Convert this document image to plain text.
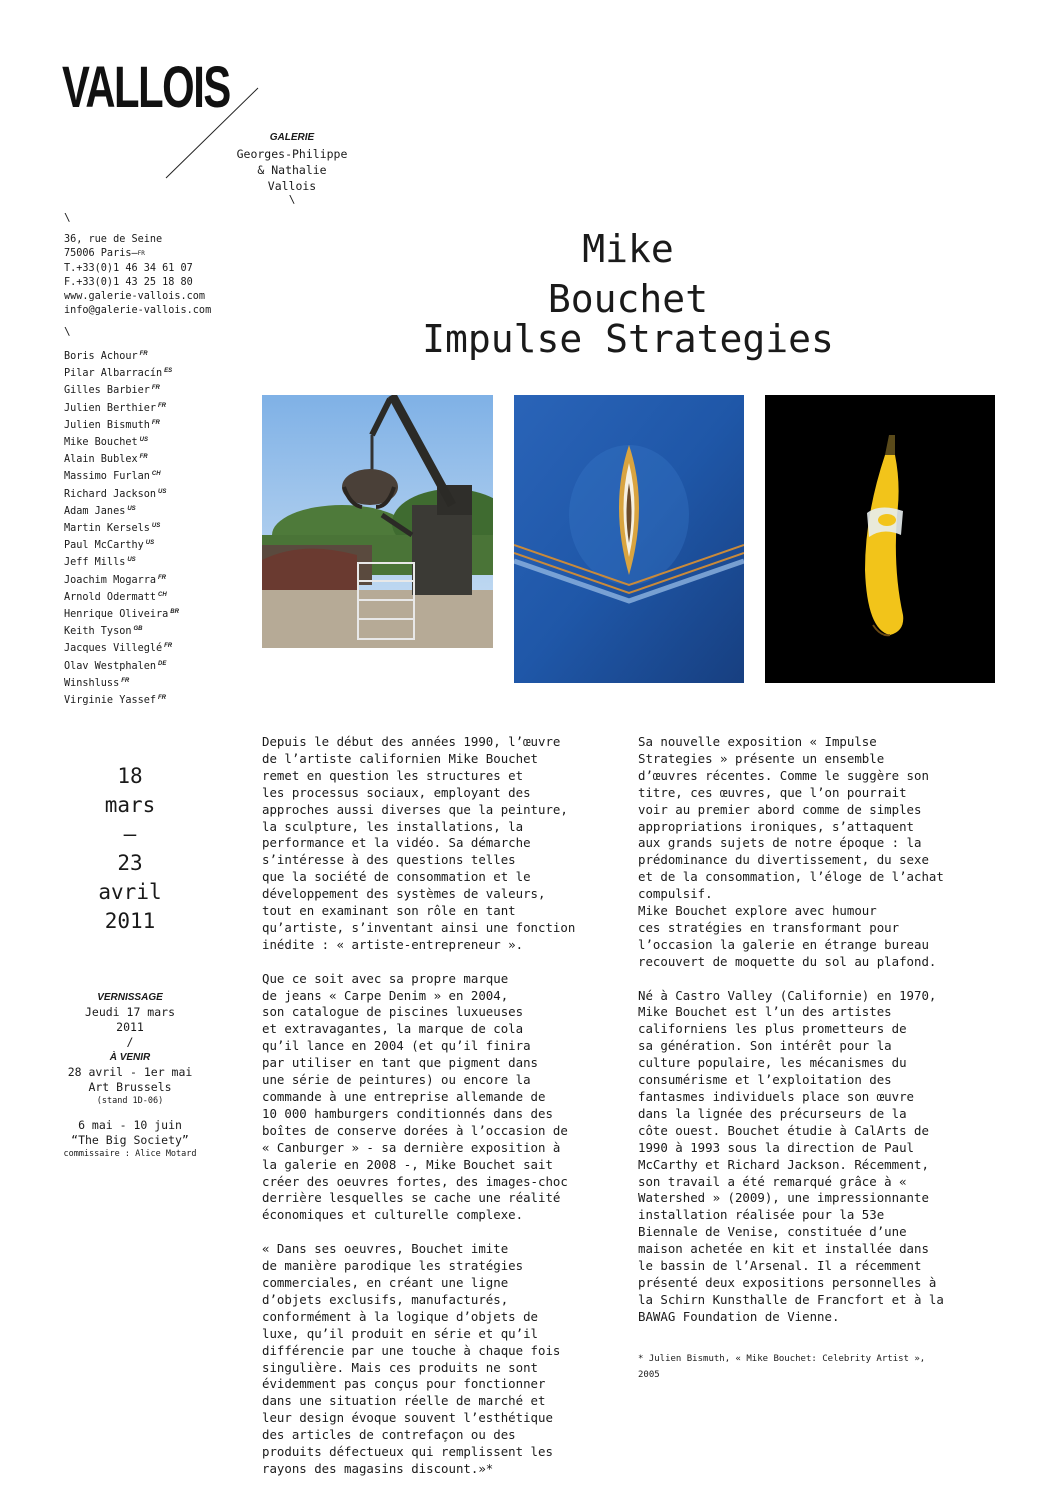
VALLOIS
GALERIE
Georges-Philippe
& Nathalie
Vallois
\
\
36, rue de Seine
75006 Paris—FR
T.+33(0)1 46 34 61 07
F.+33(0)1 43 25 18 80
www.galerie-vallois.com
info@galerie-vallois.com
\
Boris Achour $^{FR}$
Pilar Albarracín $^{ES}$
Gilles Barbier $^{FR}$
Julien Berthier $^{FR}$
Julien Bismuth $^{FR}$
Mike Bouchet $^{US}$
Alain Bublex $^{FR}$
Massimo Furlan $^{CH}$
Richard Jackson $^{US}$
Adam Janes $^{US}$
Martin Kersels $^{US}$
Paul McCarthy $^{US}$
Jeff Mills $^{US}$
Joachim Mogarra $^{FR}$
Arnold Odermatt $^{CH}$
Henrique Oliveira $^{BR}$
Keith Tyson $^{GB}$
Jacques Villeglé $^{FR}$
Olav Westphalen $^{DE}$
Winshluss $^{FR}$
Virginie Yassef $^{FR}$
Mike
Bouchet
Impulse Strategies
18
mars
—
23
avril
2011
VERNISSAGE
Jeudi 17 mars
2011
/
À VENIR
28 avril - 1er mai
Art Brussels
(stand 1D-06)
6 mai - 10 juin
“The Big Society”
commissaire : Alice Motard
Depuis le début des années 1990, l’œuvre
de l’artiste californien Mike Bouchet
remet en question les structures et
les processus sociaux, employant des
approches aussi diverses que la peinture,
la sculpture, les installations, la
performance et la vidéo. Sa démarche
s’intéresse à des questions telles
que la société de consommation et le
développement des systèmes de valeurs,
tout en examinant son rôle en tant
qu’artiste, s’inventant ainsi une fonction
inédite : « artiste-entrepreneur ».
Que ce soit avec sa propre marque
de jeans « Carpe Denim » en 2004,
son catalogue de piscines luxueuses
et extravagantes, la marque de cola
qu’il lance en 2004 (et qu’il finira
par utiliser en tant que pigment dans
une série de peintures) ou encore la
commande à une entreprise allemande de
10 000 hamburgers conditionnés dans des
boîtes de conserve dorées à l’occasion de
« Canburger » - sa dernière exposition à
la galerie en 2008 -, Mike Bouchet sait
créer des oeuvres fortes, des images-choc
derrière lesquelles se cache une réalité
économiques et culturelle complexe.
« Dans ses oeuvres, Bouchet imite
de manière parodique les stratégies
commerciales, en créant une ligne
d’objets exclusifs, manufacturés,
conformément à la logique d’objets de
luxe, qu’il produit en série et qu’il
différencie par une touche à chaque fois
singulière. Mais ces produits ne sont
évidemment pas conçus pour fonctionner
dans une situation réelle de marché et
leur design évoque souvent l’esthétique
des articles de contrefaçon ou des
produits défectueux qui remplissent les
rayons des magasins discount.»*
Sa nouvelle exposition « Impulse
Strategies » présente un ensemble
d’œuvres récentes. Comme le suggère son
titre, ces œuvres, que l’on pourrait
voir au premier abord comme de simples
appropriations ironiques, s’attaquent
aux grands sujets de notre époque : la
prédominance du divertissement, du sexe
et de la consommation, l’éloge de l’achat
compulsif.
Mike Bouchet explore avec humour
ces stratégies en transformant pour
l’occasion la galerie en étrange bureau
recouvert de moquette du sol au plafond.
Né à Castro Valley (Californie) en 1970,
Mike Bouchet est l’un des artistes
californiens les plus prometteurs de
sa génération. Son intérêt pour la
culture populaire, les mécanismes du
consumérisme et l’exploitation des
fantasmes individuels place son œuvre
dans la lignée des précurseurs de la
côte ouest. Bouchet étudie à CalArts de
1990 à 1993 sous la direction de Paul
McCarthy et Richard Jackson. Récemment,
son travail a été remarqué grâce à «
Watershed » (2009), une impressionnante
installation réalisée pour la 53e
Biennale de Venise, constituée d’une
maison achetée en kit et installée dans
le bassin de l’Arsenal. Il a récemment
présenté deux expositions personnelles à
la Schirn Kunsthalle de Francfort et à la
BAWAG Foundation de Vienne.
* Julien Bismuth, « Mike Bouchet: Celebrity Artist »,
2005
